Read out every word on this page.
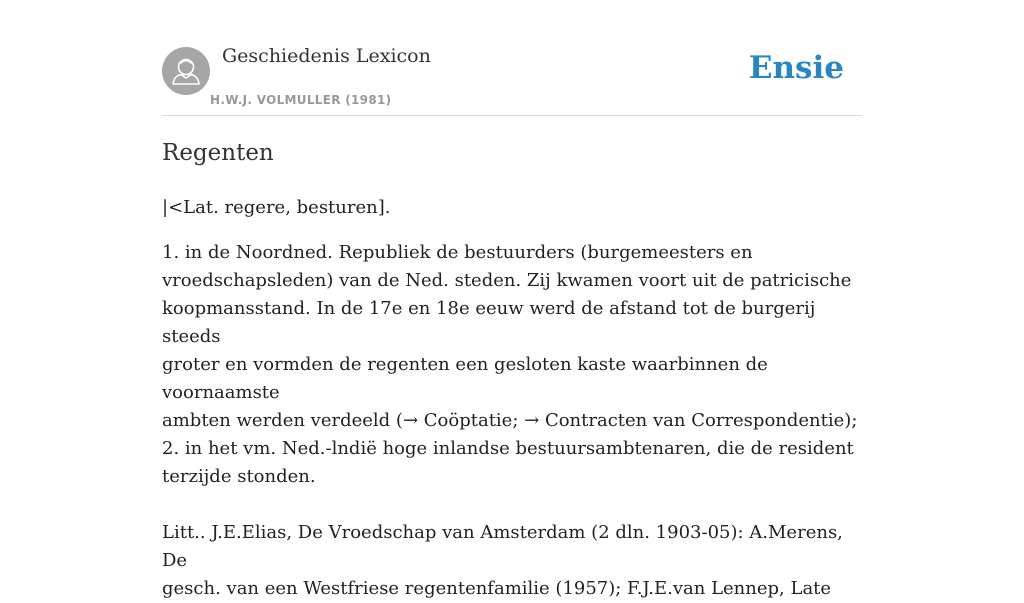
Geschiedenis Lexicon
H.W.J. VOLMULLER (1981)
Ensie
Regenten

|<Lat. regere, besturen].

1. in de Noordned. Republiek de bestuurders (burgemeesters en

vroedschapsleden) van de Ned. steden. Zij kwamen voort uit de patricische

koopmansstand. In de 17e en 18e eeuw werd de afstand tot de burgerij steeds

groter en vormden de regenten een gesloten kaste waarbinnen de voornaamste

ambten werden verdeeld (→ Coöptatie; → Contracten van Correspondentie);

2. in het vm. Ned.-lndië hoge inlandse bestuursambtenaren, die de resident

terzijde stonden.

Litt.. J.E.Elias, De Vroedschap van Amsterdam (2 dln. 1903-05): A.Merens, De

gesch. van een Westfriese regentenfamilie (1957); F.J.E.van Lennep, Late
